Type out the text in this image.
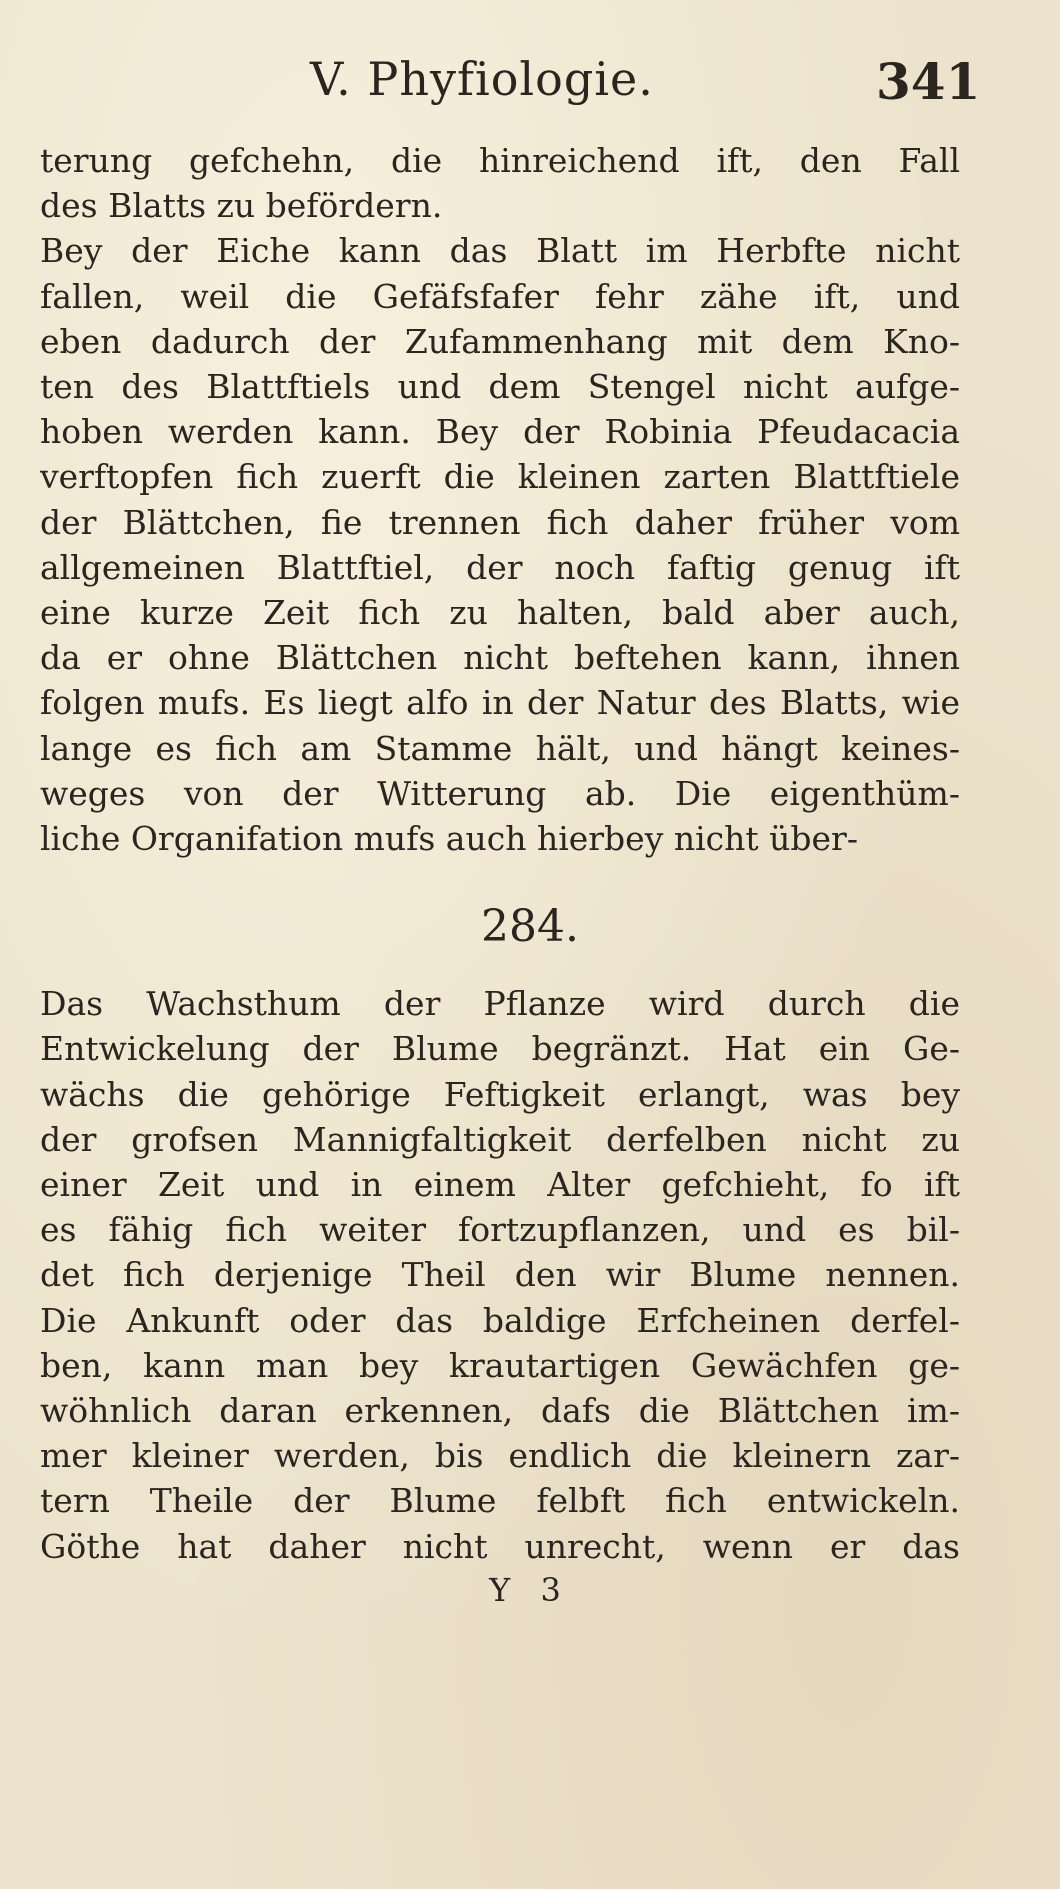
V. Phyfiologie.	341
terung gefchehn, die hinreichend ift, den Fall
des Blatts zu befördern.
Bey der Eiche kann das Blatt im Herbfte nicht
fallen, weil die Gefäfsfafer fehr zähe ift, und
eben dadurch der Zufammenhang mit dem Kno-
ten des Blattftiels und dem Stengel nicht aufge-
hoben werden kann. Bey der Robinia Pfeudacacia
verftopfen fich zuerft die kleinen zarten Blattftiele
der Blättchen, fie trennen fich daher früher vom
allgemeinen Blattftiel, der noch faftig genug ift
eine kurze Zeit fich zu halten, bald aber auch,
da er ohne Blättchen nicht beftehen kann, ihnen
folgen mufs. Es liegt alfo in der Natur des Blatts, wie
lange es fich am Stamme hält, und hängt keines-
weges von der Witterung ab. Die eigenthüm-
liche Organifation mufs auch hierbey nicht über-
284.
Das Wachsthum der Pflanze wird durch die
Entwickelung der Blume begränzt. Hat ein Ge-
wächs die gehörige Feftigkeit erlangt, was bey
der grofsen Mannigfaltigkeit derfelben nicht zu
einer Zeit und in einem Alter gefchieht, fo ift
es fähig fich weiter fortzupflanzen, und es bil-
det fich derjenige Theil den wir Blume nennen.
Die Ankunft oder das baldige Erfcheinen derfel-
ben, kann man bey krautartigen Gewächfen ge-
wöhnlich daran erkennen, dafs die Blättchen im-
mer kleiner werden, bis endlich die kleinern zar-
tern Theile der Blume felbft fich entwickeln.
Göthe hat daher nicht unrecht, wenn er das
Y 3
